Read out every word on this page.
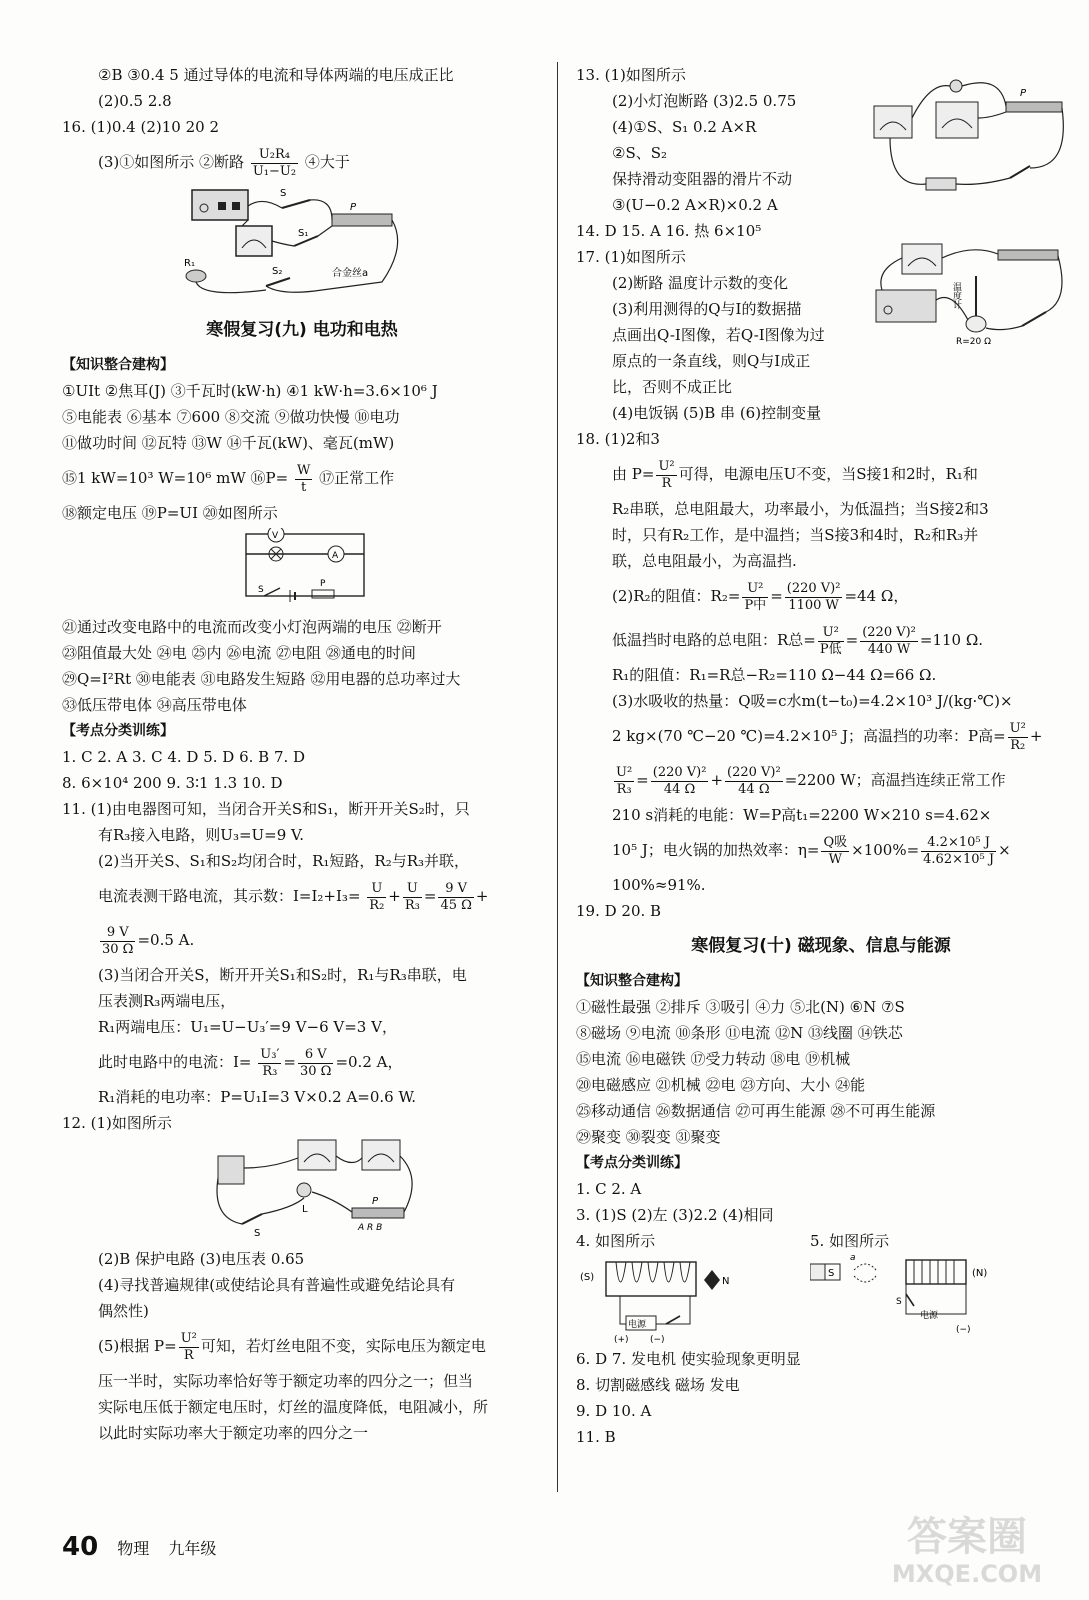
②B ③0.4 5 通过导体的电流和导体两端的电压成正比
(2)0.5 2.8
16. (1)0.4 (2)10 20 2
(3)①如图所示 ②断路 $\frac{\text{U₂R₄}}{\text{U₁−U₂}}$ ④大于
S
P
S₁
S₂
R₁
合金丝a
寒假复习(九) 电功和电热
【知识整合建构】
①UIt ②焦耳(J) ③千瓦时(kW·h) ④1 kW·h=3.6×10⁶ J
⑤电能表 ⑥基本 ⑦600 ⑧交流 ⑨做功快慢 ⑩电功
⑪做功时间 ⑫瓦特 ⑬W ⑭千瓦(kW)、毫瓦(mW)
⑮1 kW=10³ W=10⁶ mW ⑯P= $\frac{W}{t}$ ⑰正常工作
⑱额定电压 ⑲P=UI ⑳如图所示
V
A
S
P
㉑通过改变电路中的电流而改变小灯泡两端的电压 ㉒断开
㉓阻值最大处 ㉔电 ㉕内 ㉖电流 ㉗电阻 ㉘通电的时间
㉙Q=I²Rt ㉚电能表 ㉛电路发生短路 ㉜用电器的总功率过大
㉝低压带电体 ㉞高压带电体
【考点分类训练】
1. C 2. A 3. C 4. D 5. D 6. B 7. D
8. 6×10⁴ 200 9. 3∶1 1.3 10. D
11. (1)由电器图可知，当闭合开关S和S₁，断开开关S₂时，只
有R₃接入电路，则U₃=U=9 V.
(2)当开关S、S₁和S₂均闭合时，R₁短路，R₂与R₃并联，
电流表测干路电流，其示数：$I=I_2+I_3= \frac{U}{\text{R₂}} + \frac{U}{\text{R₃}} = \frac{9 V}{45 \Omega}$ +
$\frac{9 V}{30 \Omega} =0.5$ A.
(3)当闭合开关S，断开开关S₁和S₂时，R₁与R₃串联，电
压表测R₃两端电压，
R₁两端电压：U₁=U−U₃′=9 V−6 V=3 V，
此时电路中的电流：$I= \frac{\text{U₃′}}{\text{R₃}} = \frac{6 V}{30 \Omega} =0.2$ A，
R₁消耗的电功率：P=U₁I=3 V×0.2 A=0.6 W.
12. (1)如图所示
L
P
A R B
S
(2)B 保护电路 (3)电压表 0.65
(4)寻找普遍规律(或使结论具有普遍性或避免结论具有
偶然性)
(5)根据 $P= \frac{\text{U²}}{R}$ 可知，若灯丝电阻不变，实际电压为额定电
压一半时，实际功率恰好等于额定功率的四分之一；但当
实际电压低于额定电压时，灯丝的温度降低，电阻减小，所
以此时实际功率大于额定功率的四分之一
P
温度计
R=20 Ω
13. (1)如图所示
(2)小灯泡断路 (3)2.5 0.75
(4)①S、S₁ 0.2 A×R
②S、S₂
保持滑动变阻器的滑片不动
③(U−0.2 A×R)×0.2 A
14. D 15. A 16. 热 6×10⁵
17. (1)如图所示
(2)断路 温度计示数的变化
(3)利用测得的Q与I的数据描
点画出Q-I图像，若Q-I图像为过
原点的一条直线，则Q与I成正
比，否则不成正比
(4)电饭锅 (5)B 串 (6)控制变量
18. (1)2和3
由 $P= \frac{\text{U²}}{R}$ 可得，电源电压U不变，当S接1和2时，R₁和
R₂串联，总电阻最大，功率最小，为低温挡；当S接2和3
时，只有R₂工作，是中温挡；当S接3和4时，R₂和R₃并
联，总电阻最小，为高温挡.
(2)R₂的阻值：$R_2= \frac{\text{U²}}{\text{P中}} = \frac{\text{(220 V)²}}{1100 W} =44$ Ω，
低温挡时电路的总电阻：R总= $\frac{\text{U²}}{\text{P低}} = \frac{\text{(220 V)²}}{440 W} =110$ Ω.
R₁的阻值：R₁=R总−R₂=110 Ω−44 Ω=66 Ω.
(3)水吸收的热量：Q吸=c水m(t−t₀)=4.2×10³ J/(kg·℃)×
2 kg×(70 ℃−20 ℃)=4.2×10⁵ J；高温挡的功率：P高= $\frac{\text{U²}}{\text{R₂}}$ +
$\frac{\text{U²}}{\text{R₃}} = \frac{\text{(220 V)²}}{44 \Omega} + \frac{\text{(220 V)²}}{44 \Omega} =2200$ W；高温挡连续正常工作
210 s消耗的电能：W=P高t₁=2200 W×210 s=4.62×
10⁵ J；电火锅的加热效率：$\eta= \frac{\text{Q吸}}{W} \times 100\%= \frac{\text{4.2×10⁵ J}}{\text{4.62×10⁵ J}}$ ×
100%≈91%.
19. D 20. B
寒假复习(十) 磁现象、信息与能源
【知识整合建构】
①磁性最强 ②排斥 ③吸引 ④力 ⑤北(N) ⑥N ⑦S
⑧磁场 ⑨电流 ⑩条形 ⑪电流 ⑫N ⑬线圈 ⑭铁芯
⑮电流 ⑯电磁铁 ⑰受力转动 ⑱电 ⑲机械
⑳电磁感应 ㉑机械 ㉒电 ㉓方向、大小 ㉔能
㉕移动通信 ㉖数据通信 ㉗可再生能源 ㉘不可再生能源
㉙聚变 ㉚裂变 ㉛聚变
【考点分类训练】
1. C 2. A
3. (1)S (2)左 (3)2.2 (4)相同
4. 如图所示	5. 如图所示
(S)	N
电源
(+) (−)
S
a
(N)
S
电源
(−)
6. D 7. 发电机 使实验现象更明显
8. 切割磁感线 磁场 发电
9. D 10. A
11. B
40 物理 九年级	答案圈
MXQE.COM
